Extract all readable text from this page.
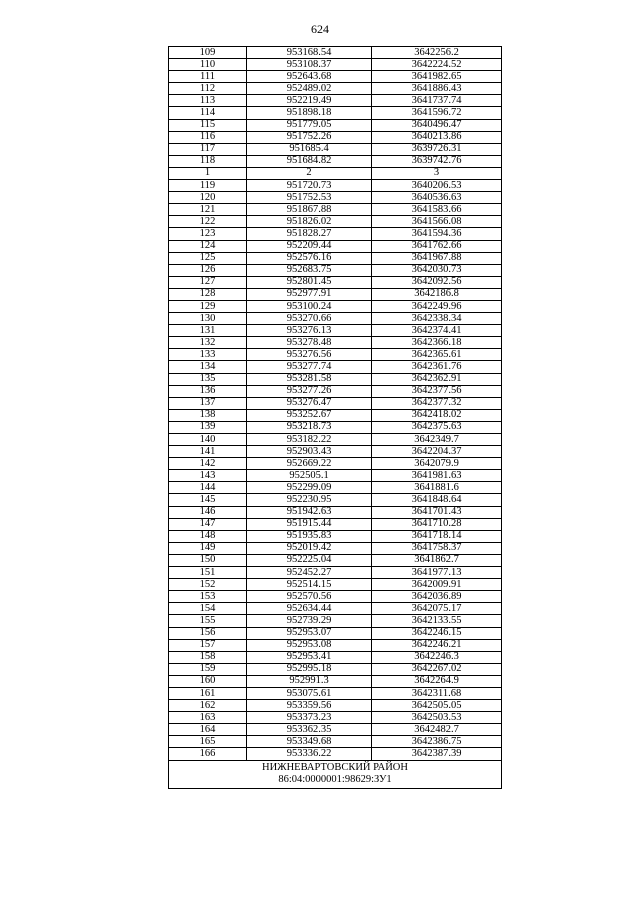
624
109	953168.54	3642256.2
110	953108.37	3642224.52
111	952643.68	3641982.65
112	952489.02	3641886.43
113	952219.49	3641737.74
114	951898.18	3641596.72
115	951779.05	3640496.47
116	951752.26	3640213.86
117	951685.4	3639726.31
118	951684.82	3639742.76
1	2	3
119	951720.73	3640206.53
120	951752.53	3640536.63
121	951867.88	3641583.66
122	951826.02	3641566.08
123	951828.27	3641594.36
124	952209.44	3641762.66
125	952576.16	3641967.88
126	952683.75	3642030.73
127	952801.45	3642092.56
128	952977.91	3642186.8
129	953100.24	3642249.96
130	953270.66	3642338.34
131	953276.13	3642374.41
132	953278.48	3642366.18
133	953276.56	3642365.61
134	953277.74	3642361.76
135	953281.58	3642362.91
136	953277.26	3642377.56
137	953276.47	3642377.32
138	953252.67	3642418.02
139	953218.73	3642375.63
140	953182.22	3642349.7
141	952903.43	3642204.37
142	952669.22	3642079.9
143	952505.1	3641981.63
144	952299.09	3641881.6
145	952230.95	3641848.64
146	951942.63	3641701.43
147	951915.44	3641710.28
148	951935.83	3641718.14
149	952019.42	3641758.37
150	952225.04	3641862.7
151	952452.27	3641977.13
152	952514.15	3642009.91
153	952570.56	3642036.89
154	952634.44	3642075.17
155	952739.29	3642133.55
156	952953.07	3642246.15
157	952953.08	3642246.21
158	952953.41	3642246.3
159	952995.18	3642267.02
160	952991.3	3642264.9
161	953075.61	3642311.68
162	953359.56	3642505.05
163	953373.23	3642503.53
164	953362.35	3642482.7
165	953349.68	3642386.75
166	953336.22	3642387.39

НИЖНЕВАРТОВСКИЙ РАЙОН
86:04:0000001:98629:ЗУ1		
